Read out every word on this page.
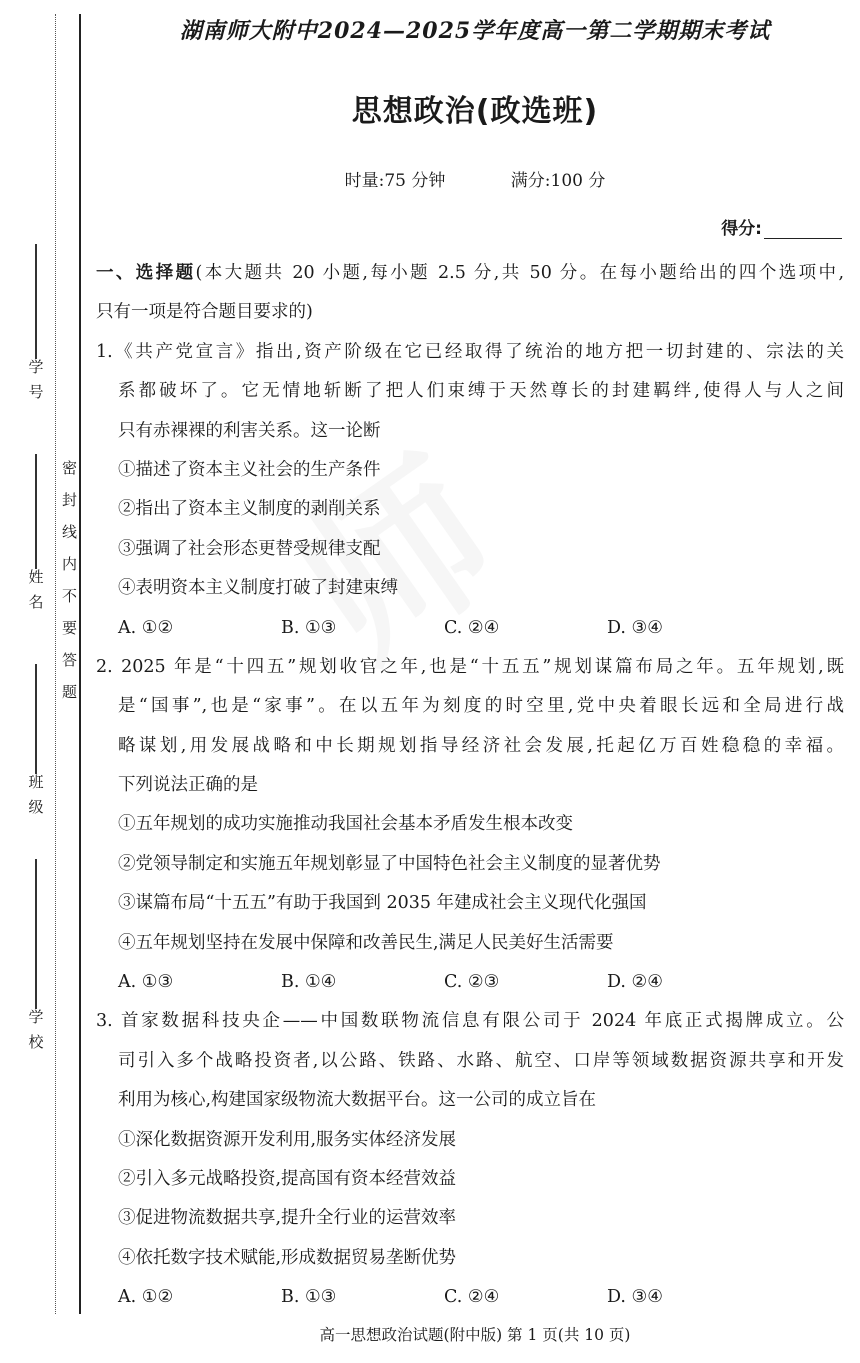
学号
姓名
班级
学校
密封线内不要答题
湖南师大附中2024—2025学年度高一第二学期期末考试
思想政治(政选班)
时量:75 分钟	满分:100 分
得分:
一、选择题(本大题共 20 小题,每小题 2.5 分,共 50 分。在每小题给出的四个选项中,
只有一项是符合题目要求的)
1.《共产党宣言》指出,资产阶级在它已经取得了统治的地方把一切封建的、宗法的关
系都破坏了。它无情地斩断了把人们束缚于天然尊长的封建羁绊,使得人与人之间
只有赤裸裸的利害关系。这一论断
①描述了资本主义社会的生产条件
②指出了资本主义制度的剥削关系
③强调了社会形态更替受规律支配
④表明资本主义制度打破了封建束缚
A. ①②	B. ①③	C. ②④	D. ③④
2. 2025 年是“十四五”规划收官之年,也是“十五五”规划谋篇布局之年。五年规划,既
是“国事”,也是“家事”。在以五年为刻度的时空里,党中央着眼长远和全局进行战
略谋划,用发展战略和中长期规划指导经济社会发展,托起亿万百姓稳稳的幸福。
下列说法正确的是
①五年规划的成功实施推动我国社会基本矛盾发生根本改变
②党领导制定和实施五年规划彰显了中国特色社会主义制度的显著优势
③谋篇布局“十五五”有助于我国到 2035 年建成社会主义现代化强国
④五年规划坚持在发展中保障和改善民生,满足人民美好生活需要
A. ①③	B. ①④	C. ②③	D. ②④
3. 首家数据科技央企——中国数联物流信息有限公司于 2024 年底正式揭牌成立。公
司引入多个战略投资者,以公路、铁路、水路、航空、口岸等领域数据资源共享和开发
利用为核心,构建国家级物流大数据平台。这一公司的成立旨在
①深化数据资源开发利用,服务实体经济发展
②引入多元战略投资,提高国有资本经营效益
③促进物流数据共享,提升全行业的运营效率
④依托数字技术赋能,形成数据贸易垄断优势
A. ①②	B. ①③	C. ②④	D. ③④
高一思想政治试题(附中版) 第 1 页(共 10 页)
